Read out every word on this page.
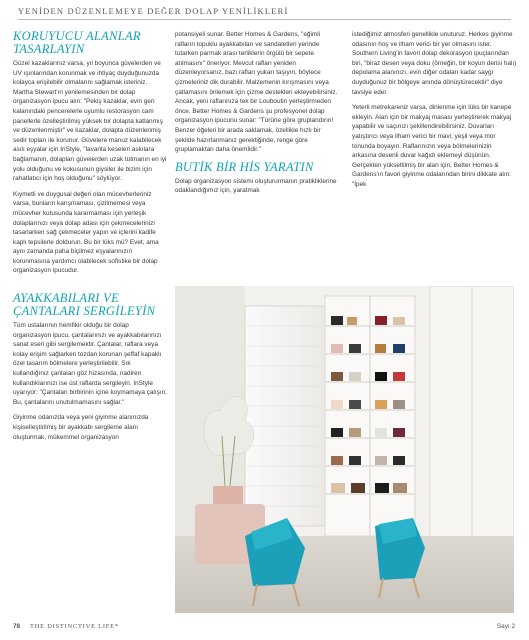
YENİDEN DÜZENLEMEYE DEĞER DOLAP YENİLİKLERİ
KORUYUCU ALANLAR TASARLAYIN

Güzel kazaklarınız varsa, yıl boyunca güvelerden ve UV ışınlarından korunmak ve ihtiyaç duyduğunuzda kolayca erişilebilir olmalarını sağlamak isteriniz. Martha Stewart'ın yenilemesinden bir dolap organizasyon ipucu alın: "Pekiş kazaklar, evin geri kalanındaki pencerelerle uyumlu restorasyon cam panellerle özelleştirilmiş yüksek bir dolapta katlanmış ve düzenlenmiştir" ve kazaklar, dolapta düzenlenmiş sedir topları ile korunur. Güvelere manuz kalabilecek asılı eşyalar için InStyle, "lavanta keseleri askılara bağlamanın, dolapları güvelerden uzak tutmanın en iyi yolu olduğunu ve kokusunun giysiler ile bizim için rahatlatıcı için hoş olduğunu" söylüyor.

Kıymetli ve duygusal değeri olan mücevherleriniz varsa, bunların karışmaması, çizilmemesi veya mücevher kutusunda kararmaması için yerleşik dolaplarınızı veya dolap adası için çekmecelerinizi tasarlarken sağ çekmeceler yapın ve içlerini kadife kaplı tepsilerle doldurun. Bu bir lüks mü? Evet, ama aynı zamanda paha biçilmez eşyalarınızın korunmasına yardımcı olabilecek sofistike bir dolap organizasyon ipucudur.

AYAKKABILARI VE ÇANTALARI SERGİLEYİN

Tüm ustalarının hemfikir olduğu bir dolap organizasyon ipucu, çantalarınızı ve ayakkabılarınızı sanat eseri gibi sergilemektir. Çantalar, raflara veya kolay erişim sağlarken tozdan korunan şeffaf kapaklı özel tasarım bölmelere yerleştirilebilir. Sık kullandığınız çantaları göz hizasında, nadiren kullandıklarınızı ise üst raflarda sergileyin. InStyle uyarıyor: "Çantaları birbirinin içine koymamaya çalışın. Bu, çantalarını unutulmamasını sağlar."

Giyinme odanızda veya yeni giyinme alanınızda kişiselleştirilmiş bir ayakkabı sergileme alanı oluşturmak, mükemmel organizasyon

potansiyeli sunar. Better Homes & Gardens, "eğimli rafların topuklu ayakkabıları ve sandaletleri yerinde tutarken parmak arası terliklerin örgülü bir sepete atılmasını" öneriyor. Mevcut rafları yeniden düzenleyorsanız, bazı rafları yukarı taşıyın, böylece çizmeleriniz dik durabilir. Malzemenin kırışmasını veya çatlamasını önlemek için çizme destekleri ekleyebilirsiniz. Ancak, yeni raflarınıza tek bir Louboutin yerleştirmeden önce, Better Homes & Gardens şu profesyonel dolap organizasyon ipucunu sunar: "Türüne göre gruplandırın! Benzer öğeleri bir arada saklamak, özellikle hızlı bir şekilde hazırlanmanız gerektiğinde, renge göre gruplamaktan daha önemlidir."

BUTİK BİR HİS YARATIN

Dolap organizasyon sistemi oluştururmanın pratikliklerine odaklandığımız için, yaratmak

istediğimiz atmosferi genellikle unuturuz. Herkes giyinme odasının hoş ve ilham verici bir yer olmasını ister. Southern Living'in favori dolap dekorasyon ipuçlarından biri, "biraz desen veya doku (örneğin, bir koyun derisi halı) depolama alanınızı, evin diğer odaları kadar saygı duyduğunuz bir bölgeye anında dönüştürecektir" diye tavsiye eder.

Yeterli metrekareniz varsa, dinlenme için lüks bir kanepe ekleyin. Alan için bir makyaj masası yerleştirerek makyaj yapabilir ve saçınızı şekillendirebilirsiniz. Duvarları yatıştırıcı veya ilham verici bir mavi, yeşil veya mor tonunda boyayın. Raflarınızın veya bölmelerinizin arkasına desenli duvar kağıdı eklemeyi düşünün. Gerçekten yükseltilmiş bir alan için, Better Homes & Gardens'ın favori giyinme odalarından birini dikkate alın: "İpek

78 THE DISTINCTIVE LIFE*	Sayı 2
